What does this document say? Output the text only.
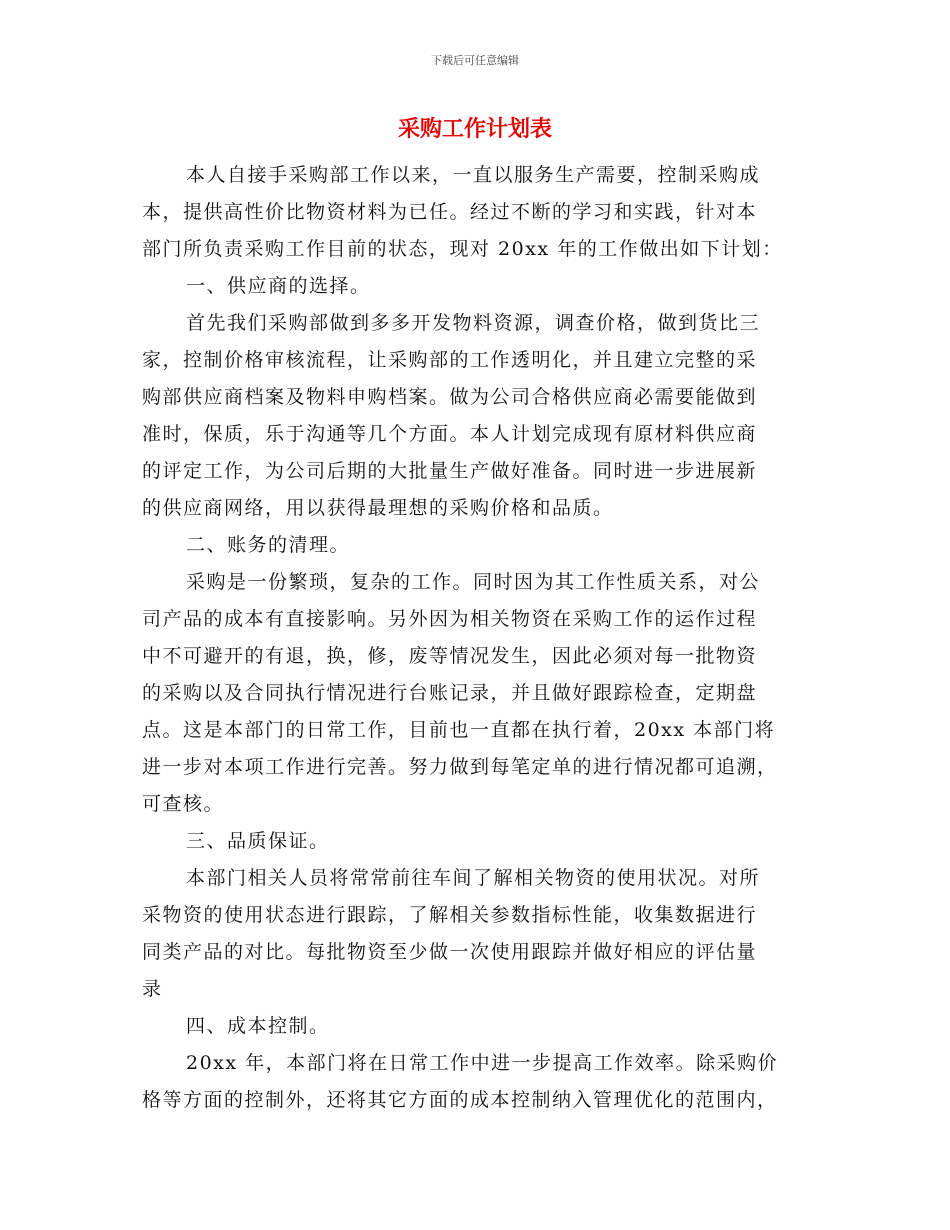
下载后可任意编辑
采购工作计划表
本人自接手采购部工作以来，一直以服务生产需要，控制采购成
本，提供高性价比物资材料为已任。经过不断的学习和实践，针对本
部门所负责采购工作目前的状态，现对 20xx 年的工作做出如下计划：
一、供应商的选择。
首先我们采购部做到多多开发物料资源，调查价格，做到货比三
家，控制价格审核流程，让采购部的工作透明化，并且建立完整的采
购部供应商档案及物料申购档案。做为公司合格供应商必需要能做到
准时，保质，乐于沟通等几个方面。本人计划完成现有原材料供应商
的评定工作，为公司后期的大批量生产做好准备。同时进一步进展新
的供应商网络，用以获得最理想的采购价格和品质。
二、账务的清理。
采购是一份繁琐，复杂的工作。同时因为其工作性质关系，对公
司产品的成本有直接影响。另外因为相关物资在采购工作的运作过程
中不可避开的有退，换，修，废等情况发生，因此必须对每一批物资
的采购以及合同执行情况进行台账记录，并且做好跟踪检查，定期盘
点。这是本部门的日常工作，目前也一直都在执行着，20xx 本部门将
进一步对本项工作进行完善。努力做到每笔定单的进行情况都可追溯，
可查核。
三、品质保证。
本部门相关人员将常常前往车间了解相关物资的使用状况。对所
采物资的使用状态进行跟踪，了解相关参数指标性能，收集数据进行
同类产品的对比。每批物资至少做一次使用跟踪并做好相应的评估量
录
四、成本控制。
20xx 年，本部门将在日常工作中进一步提高工作效率。除采购价
格等方面的控制外，还将其它方面的成本控制纳入管理优化的范围内，
